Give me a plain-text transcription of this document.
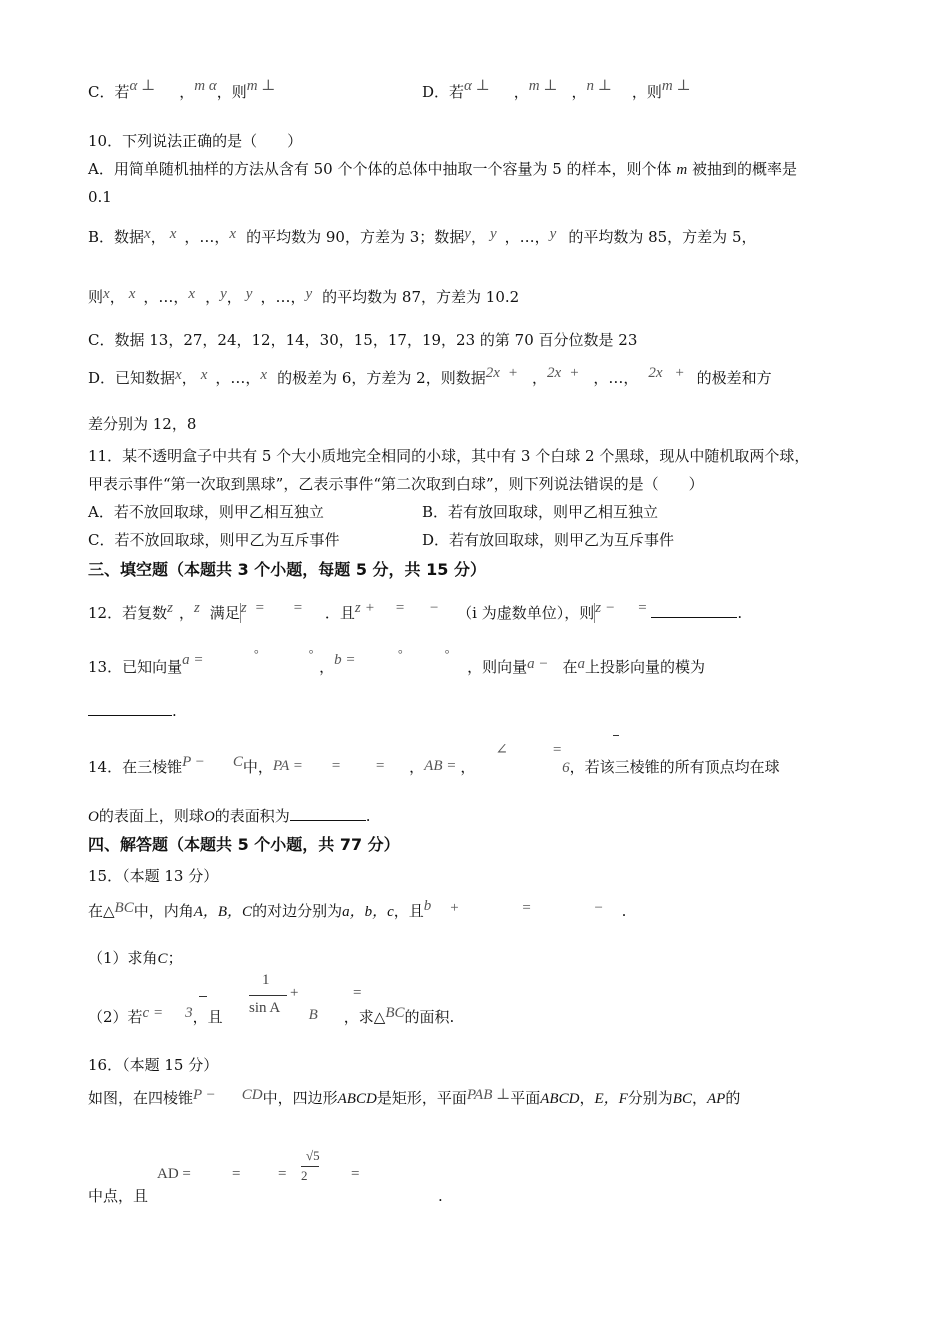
C．若α ⊥ ，m α，则m ⊥	D．若α ⊥ ，m ⊥ ，n ⊥ ，则m ⊥
10．下列说法正确的是（　　）
A．用简单随机抽样的方法从含有 50 个个体的总体中抽取一个容量为 5 的样本，则个体 m 被抽到的概率是
0.1
B．数据x， x ，…，x 的平均数为 90，方差为 3；数据y， y ，…，y 的平均数为 85，方差为 5，
则x， x ，…，x ，y， y ，…，y 的平均数为 87，方差为 10.2
C．数据 13，27，24，12，14，30，15，17，19，23 的第 70 百分位数是 23
D．已知数据x， x ，…，x 的极差为 6，方差为 2，则数据2x + ，2x + ，…， 2x + 的极差和方
差分别为 12，8
11．某不透明盒子中共有 5 个大小质地完全相同的小球，其中有 3 个白球 2 个黑球，现从中随机取两个球，
甲表示事件“第一次取到黑球”，乙表示事件“第二次取到白球”，则下列说法错误的是（　　）
A．若不放回取球，则甲乙相互独立	B．若有放回取球，则甲乙相互独立
C．若不放回取球，则甲乙为互斥事件	D．若有放回取球，则甲乙为互斥事件
三、填空题（本题共 3 个小题，每题 5 分，共 15 分）
12．若复数z ，z 满足z = = ．且z + = − （i 为虚数单位），则z − =	.
13．已知向量a =	°	°，b =	°	°，则向量a − 在a上投影向量的模为
.
14．在三棱锥P − C中，PA = = = ，AB = ，∠	=6，若该三棱锥的所有顶点均在球
O的表面上，则球O的表面积为	.
四、解答题（本题共 5 个小题，共 77 分）
15．（本题 13 分）
在△BC中，内角A，B，C的对边分别为a，b，c，且b +	=	− .
（1）求角C；
（2）若c = 3，且	B ，求△BC的面积.
1
sin A
+	=
16．（本题 15 分）
如图，在四棱锥P − CD中，四边形ABCD是矩形，平面PAB ⊥平面ABCD，E，F分别为BC，AP的
中点，且	.
AD =	=	=
√5
2	=
